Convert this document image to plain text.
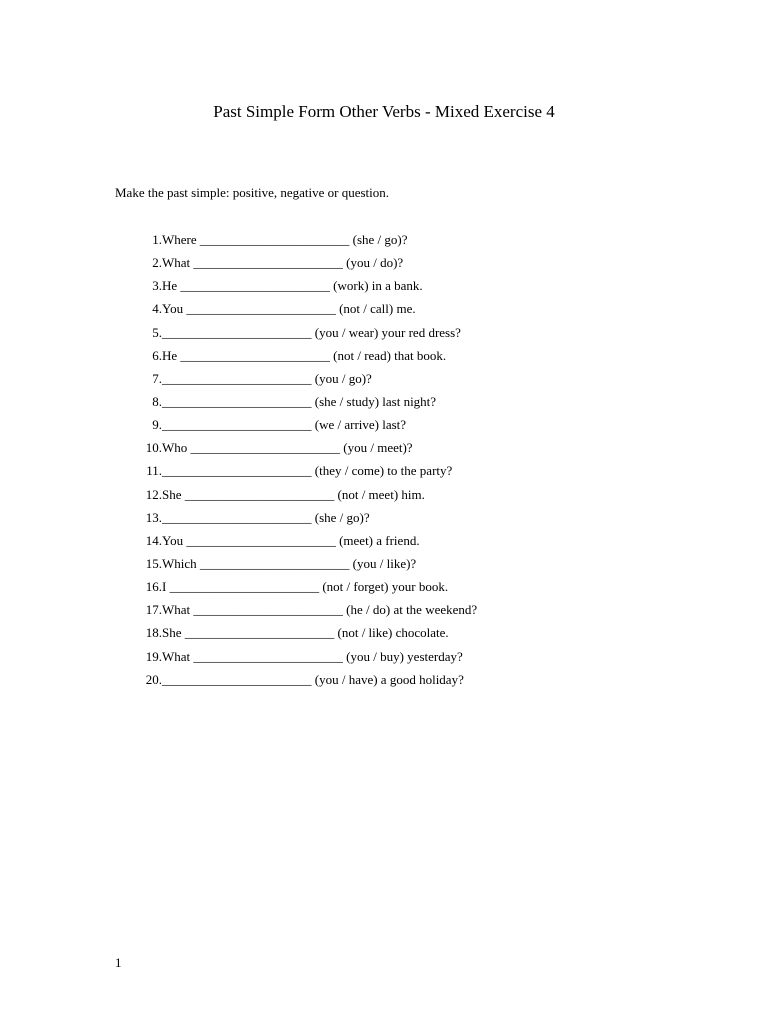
Past Simple Form Other Verbs - Mixed Exercise 4

Make the past simple: positive, negative or question.

1. Where _______________________ (she / go)?
2. What _______________________ (you / do)?
3. He _______________________ (work) in a bank.
4. You _______________________ (not / call) me.
5. _______________________ (you / wear) your red dress?
6. He _______________________ (not / read) that book.
7. _______________________ (you / go)?
8. _______________________ (she / study) last night?
9. _______________________ (we / arrive) last?
10. Who _______________________ (you / meet)?
11. _______________________ (they / come) to the party?
12. She _______________________ (not / meet) him.
13. _______________________ (she / go)?
14. You _______________________ (meet) a friend.
15. Which _______________________ (you / like)?
16. I _______________________ (not / forget) your book.
17. What _______________________ (he / do) at the weekend?
18. She _______________________ (not / like) chocolate.
19. What _______________________ (you / buy) yesterday?
20. _______________________ (you / have) a good holiday?

1
